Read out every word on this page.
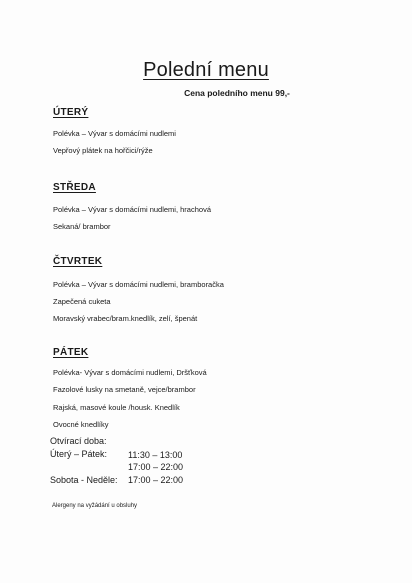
Polední menu
Cena poledního menu 99,-
ÚTERÝ
Polévka – Vývar s domácími nudlemi
Vepřový plátek na hořčici/rýže
STŘEDA
Polévka – Vývar s domácími nudlemi, hrachová
Sekaná/ brambor
ČTVRTEK
Polévka – Vývar s domácími nudlemi, bramboračka
Zapečená cuketa
Moravský vrabec/bram.knedlík, zelí, špenát
PÁTEK
Polévka- Vývar s domácími nudlemi, Dršťková
Fazolové lusky na smetaně, vejce/brambor
Rajská, masové koule /housk. Knedlík
Ovocné knedlíky
Otvírací doba:
Úterý – Pátek: 11:30 – 13:00
17:00 – 22:00
Sobota - Neděle: 17:00 – 22:00
Alergeny na vyžádání u obsluhy
